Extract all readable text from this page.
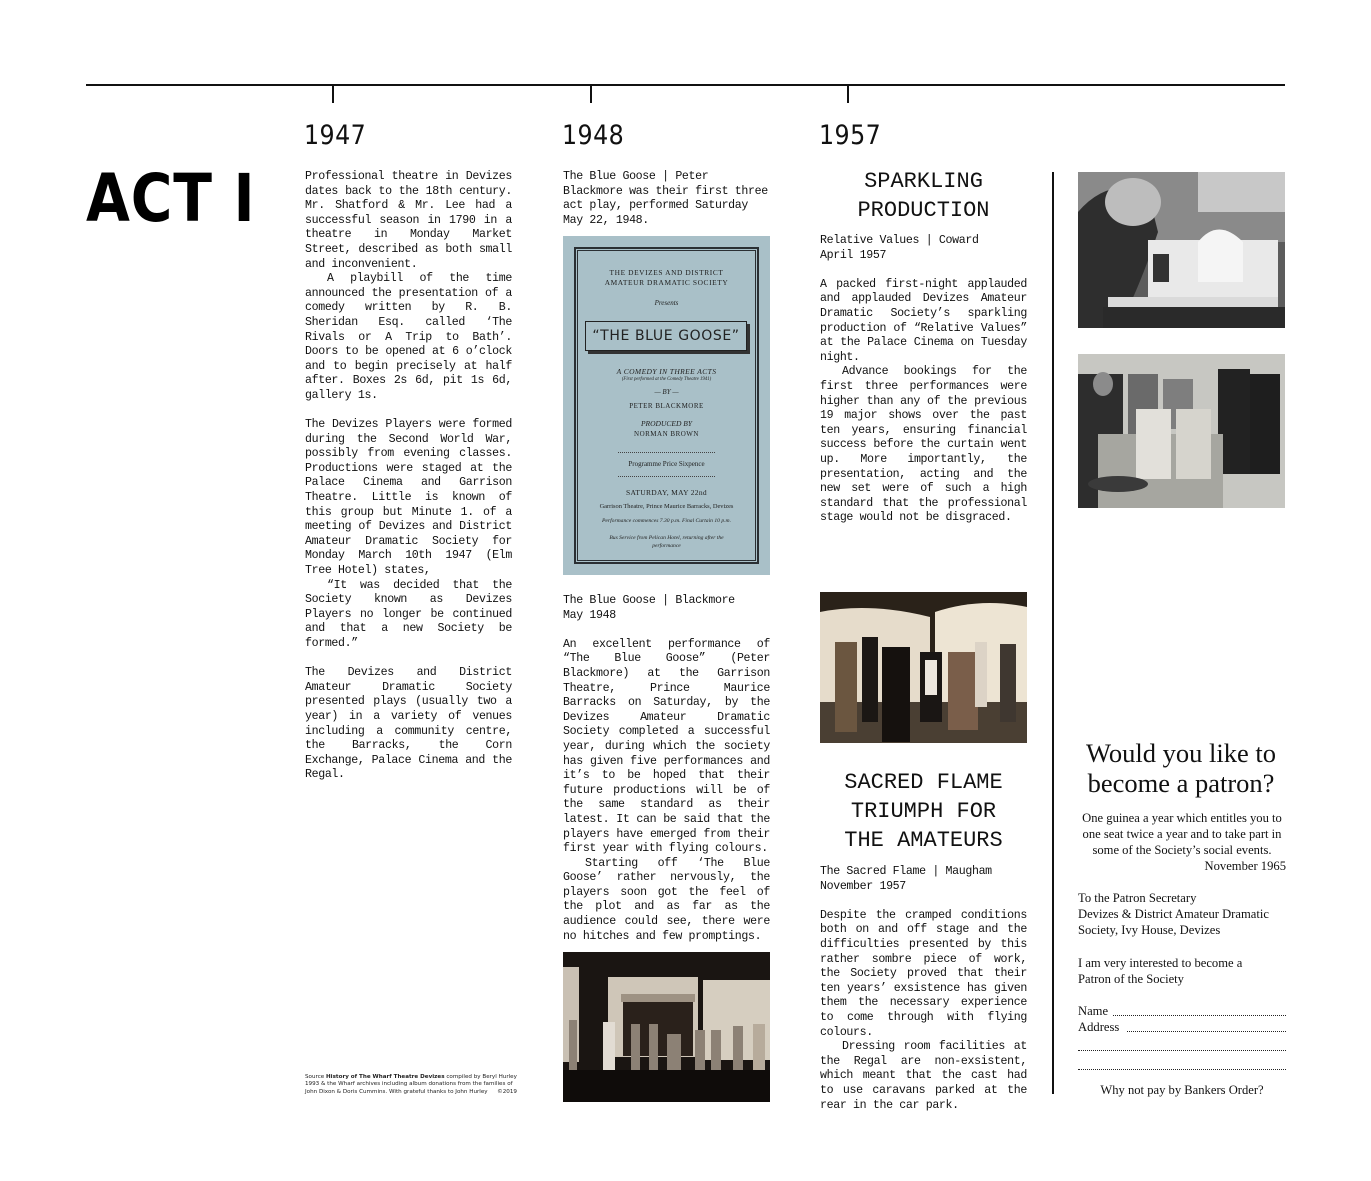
1947	1948	1957
ACT I	Professional theatre in Devizes dates back to the 18th century. Mr. Shatford & Mr. Lee had a successful season in 1790 in a theatre in Monday Market Street, described as both small and inconvenient.

A playbill of the time announced the presentation of a comedy written by R. B. Sheridan Esq. called ‘The Rivals or A Trip to Bath’. Doors to be opened at 6 o’clock and to begin precisely at half after. Boxes 2s 6d, pit 1s 6d, gallery 1s.

The Devizes Players were formed during the Second World War, possibly from evening classes. Productions were staged at the Palace Cinema and Garrison Theatre. Little is known of this group but Minute 1. of a meeting of Devizes and District Amateur Dramatic Society for Monday March 10th 1947 (Elm Tree Hotel) states,

“It was decided that the Society known as Devizes Players no longer be continued and that a new Society be formed.”

The Devizes and District Amateur Dramatic Society presented plays (usually two a year) in a variety of venues including a community centre, the Barracks, the Corn Exchange, Palace Cinema and the Regal.

Source History of The Wharf Theatre Devizes compiled by Beryl Hurley 1993 & the Wharf archives including album donations from the families of John Dixon & Doris Cummins. With grateful thanks to John Hurley ©2019
The Blue Goose | Peter Blackmore was their first three act play, performed Saturday May 22, 1948.
THE DEVIZES AND DISTRICT
AMATEUR DRAMATIC SOCIETY
Presents
“THE BLUE GOOSE”
A COMEDY IN THREE ACTS
(First performed at the Comedy Theatre 1941)
— BY —
PETER BLACKMORE
PRODUCED BY
NORMAN BROWN
Programme Price Sixpence
SATURDAY, MAY 22nd
Garrison Theatre, Prince Maurice Barracks, Devizes
Performance commences 7.30 p.m. Final Curtain 10 p.m.
Bus Service from Pelican Hotel, returning after the
performance

The Blue Goose | Blackmore

May 1948

An excellent performance of “The Blue Goose” (Peter Blackmore) at the Garrison Theatre, Prince Maurice Barracks on Saturday, by the Devizes Amateur Dramatic Society completed a successful year, during which the society has given five performances and it’s to be hoped that their future productions will be of the same standard as their latest. It can be said that the players have emerged from their first year with flying colours.

Starting off ‘The Blue Goose’ rather nervously, the players soon got the feel of the plot and as far as the audience could see, there were no hitches and few promptings.

SPARKLING
PRODUCTION

Relative Values | Coward

April 1957

A packed first-night applauded and applauded Devizes Amateur Dramatic Society’s sparkling production of “Relative Values” at the Palace Cinema on Tuesday night.

Advance bookings for the first three performances were higher than any of the previous 19 major shows over the past ten years, ensuring financial success before the curtain went up. More importantly, the presentation, acting and the new set were of such a high standard that the professional stage would not be disgraced.

SACRED FLAME
TRIUMPH FOR
THE AMATEURS

The Sacred Flame | Maugham

November 1957

Despite the cramped conditions both on and off stage and the difficulties presented by this rather sombre piece of work, the Society proved that their ten years’ exsistence has given them the necessary experience to come through with flying colours.

Dressing room facilities at the Regal are non-exsistent, which meant that the cast had to use caravans parked at the rear in the car park.

Would you like to
become a patron?
One guinea a year which entitles you to one seat twice a year and to take part in some of the Society’s social events.
November 1965
To the Patron Secretary
Devizes & District Amateur Dramatic
Society, Ivy House, Devizes
I am very interested to become a
Patron of the Society
Name
Address
Why not pay by Bankers Order?
